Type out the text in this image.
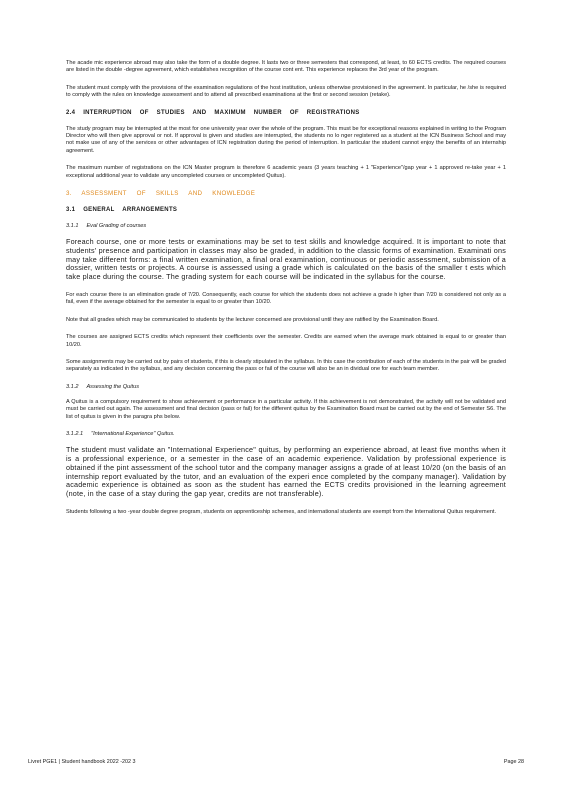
The acade mic experience abroad may also take the form of a double degree. It lasts two or three semesters that correspond, at least, to 60 ECTS credits. The required courses are listed in the double -degree agreement, which establishes recognition of the course cont ent. This experience replaces the 3rd year of the program.

The student must comply with the provisions of the examination regulations of the host institution, unless otherwise provisioned in the agreement. In particular, he /she is required to comply with the rules on knowledge assessment and to attend all prescribed examinations at the first or second session (retake).

2.4 INTERRUPTION OF STUDIES AND MAXIMUM NUMBER OF REGISTRATIONS

The study program may be interrupted at the most for one university year over the whole of the program. This must be for exceptional reasons explained in writing to the Program Director who will then give approval or not. If approval is given and studies are interrupted, the students no lo nger registered as a student at the ICN Business School and may not make use of any of the services or other advantages of ICN registration during the period of interruption. In particular the student cannot enjoy the benefits of an internship agreement.

The maximum number of registrations on the ICN Master program is therefore 6 academic years (3 years teaching + 1 "Experience"/gap year + 1 approved re-take year + 1 exceptional additional year to validate any uncompleted courses or uncompleted Quitus).

3. ASSESSMENT OF SKILLS AND KNOWLEDGE
3.1 GENERAL ARRANGEMENTS
3.1.1 Eval Grading of courses

Foreach course, one or more tests or examinations may be set to test skills and knowledge acquired. It is important to note that students' presence and participation in classes may also be graded, in addition to the classic forms of examination. Examinati ons may take different forms: a final written examination, a final oral examination, continuous or periodic assessment, submission of a dossier, written tests or projects. A course is assessed using a grade which is calculated on the basis of the smaller t ests which take place during the course. The grading system for each course will be indicated in the syllabus for the course.

For each course there is an elimination grade of 7/20. Consequently, each course for which the students does not achieve a grade h igher than 7/20 is considered not only as a fail, even if the average obtained for the semester is equal to or greater than 10/20.

Note that all grades which may be communicated to students by the lecturer concerned are provisional until they are ratified by the Examination Board.

The courses are assigned ECTS credits which represent their coefficients over the semester. Credits are earned when the average mark obtained is equal to or greater than 10/20.

Some assignments may be carried out by pairs of students, if this is clearly stipulated in the syllabus. In this case the contribution of each of the students in the pair will be graded separately as indicated in the syllabus, and any decision concerning the pass or fail of the course will also be an in dividual one for each team member.

3.1.2 Assessing the Quitus

A Quitus is a compulsory requirement to show achievement or performance in a particular activity. If this achievement is not demonstrated, the activity will not be validated and must be carried out again. The assessment and final decision (pass or fail) for the different quitus by the Examination Board must be carried out by the end of Semester S6. The list of quitus is given in the paragra phs below.

3.1.2.1 "International Experience" Quitus.

The student must validate an "International Experience" quitus, by performing an experience abroad, at least five months when it is a professional experience, or a semester in the case of an academic experience. Validation by professional experience is obtained if the pint assessment of the school tutor and the company manager assigns a grade of at least 10/20 (on the basis of an internship report evaluated by the tutor, and an evaluation of the experi ence completed by the company manager). Validation by academic experience is obtained as soon as the student has earned the ECTS credits provisioned in the learning agreement (note, in the case of a stay during the gap year, credits are not transferable).

Students following a two -year double degree program, students on apprenticeship schemes, and international students are exempt from the International Quitus requirement.

Livret PGE1 | Student handbook 2022 -202 3	Page 28
